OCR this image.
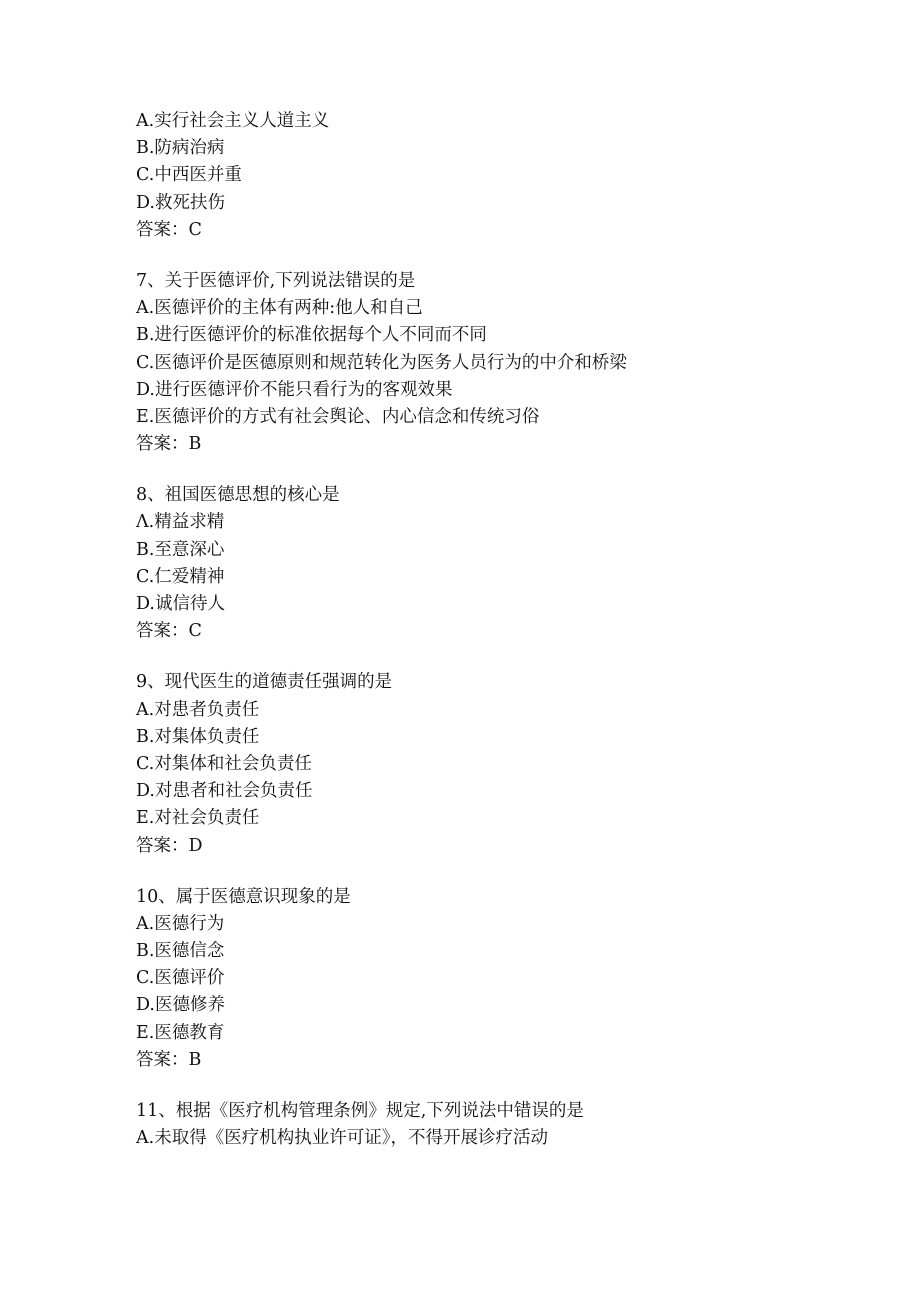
A.实行社会主义人道主义
B.防病治病
C.中西医并重
D.救死扶伤
答案：C
7、关于医德评价,下列说法错误的是
A.医德评价的主体有两种:他人和自己
B.进行医德评价的标准依据每个人不同而不同
C.医德评价是医德原则和规范转化为医务人员行为的中介和桥梁
D.进行医德评价不能只看行为的客观效果
E.医德评价的方式有社会舆论、内心信念和传统习俗
答案：B
8、祖国医德思想的核心是
Λ.精益求精
B.至意深心
C.仁爱精神
D.诚信待人
答案：C
9、现代医生的道德责任强调的是
A.对患者负责任
B.对集体负责任
C.对集体和社会负责任
D.对患者和社会负责任
E.对社会负责任
答案：D
10、属于医德意识现象的是
A.医德行为
B.医德信念
C.医德评价
D.医德修养
E.医德教育
答案：B
11、根据《医疗机构管理条例》规定,下列说法中错误的是
A.未取得《医疗机构执业许可证》，不得开展诊疗活动
